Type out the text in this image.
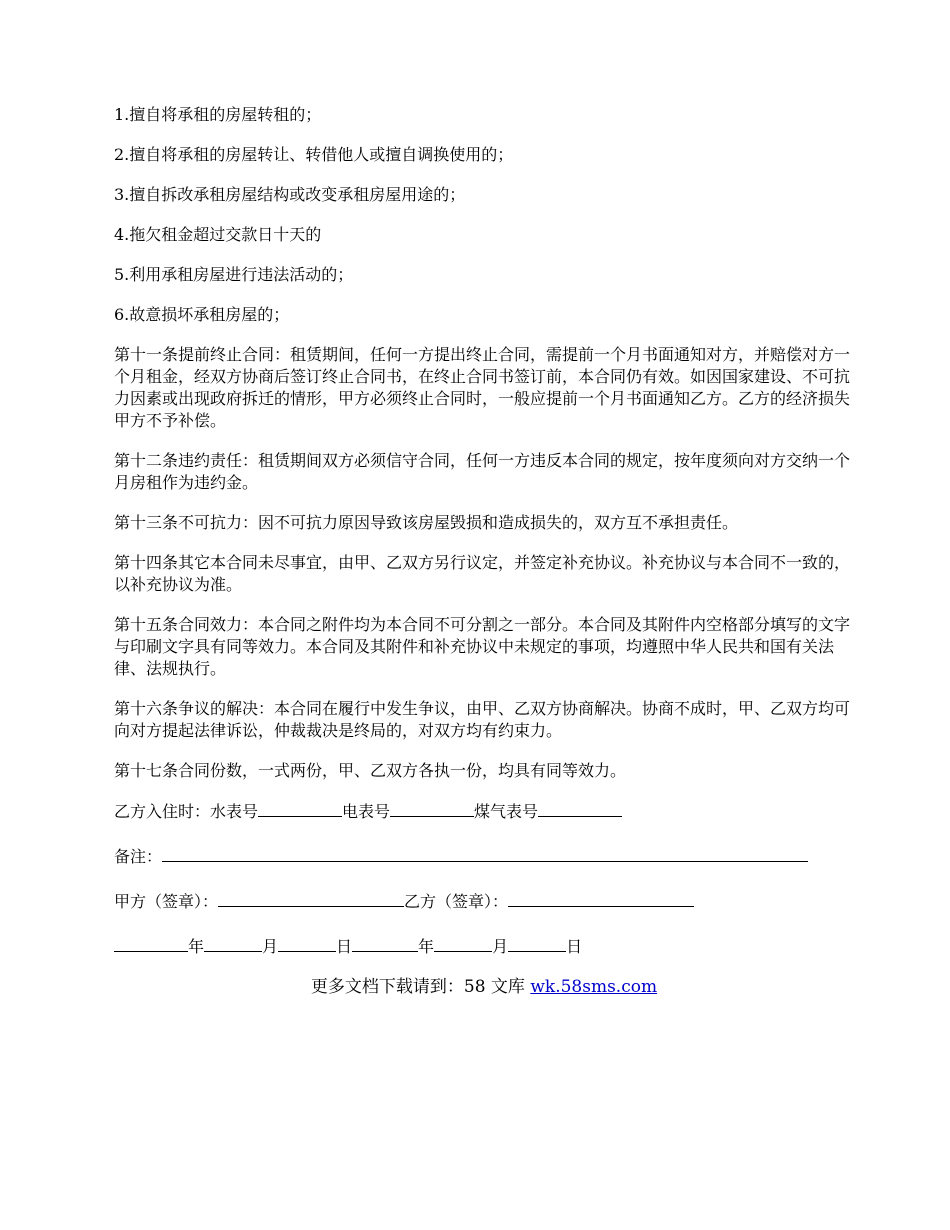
1.擅自将承租的房屋转租的；

2.擅自将承租的房屋转让、转借他人或擅自调换使用的；

3.擅自拆改承租房屋结构或改变承租房屋用途的；

4.拖欠租金超过交款日十天的

5.利用承租房屋进行违法活动的；

6.故意损坏承租房屋的；

第十一条提前终止合同：租赁期间，任何一方提出终止合同，需提前一个月书面通知对方，并赔偿对方一个月租金，经双方协商后签订终止合同书，在终止合同书签订前，本合同仍有效。如因国家建设、不可抗力因素或出现政府拆迁的情形，甲方必须终止合同时，一般应提前一个月书面通知乙方。乙方的经济损失甲方不予补偿。

第十二条违约责任：租赁期间双方必须信守合同，任何一方违反本合同的规定，按年度须向对方交纳一个月房租作为违约金。

第十三条不可抗力：因不可抗力原因导致该房屋毁损和造成损失的，双方互不承担责任。

第十四条其它本合同未尽事宜，由甲、乙双方另行议定，并签定补充协议。补充协议与本合同不一致的，以补充协议为准。

第十五条合同效力：本合同之附件均为本合同不可分割之一部分。本合同及其附件内空格部分填写的文字与印刷文字具有同等效力。本合同及其附件和补充协议中未规定的事项，均遵照中华人民共和国有关法律、法规执行。

第十六条争议的解决：本合同在履行中发生争议，由甲、乙双方协商解决。协商不成时，甲、乙双方均可向对方提起法律诉讼，仲裁裁决是终局的，对双方均有约束力。

第十七条合同份数，一式两份，甲、乙双方各执一份，均具有同等效力。

乙方入住时：水表号	电表号	煤气表号

备注：

甲方（签章）：	乙方（签章）：

年	月	日	年	月	日

更多文档下载请到：58 文库 wk.58sms.com
